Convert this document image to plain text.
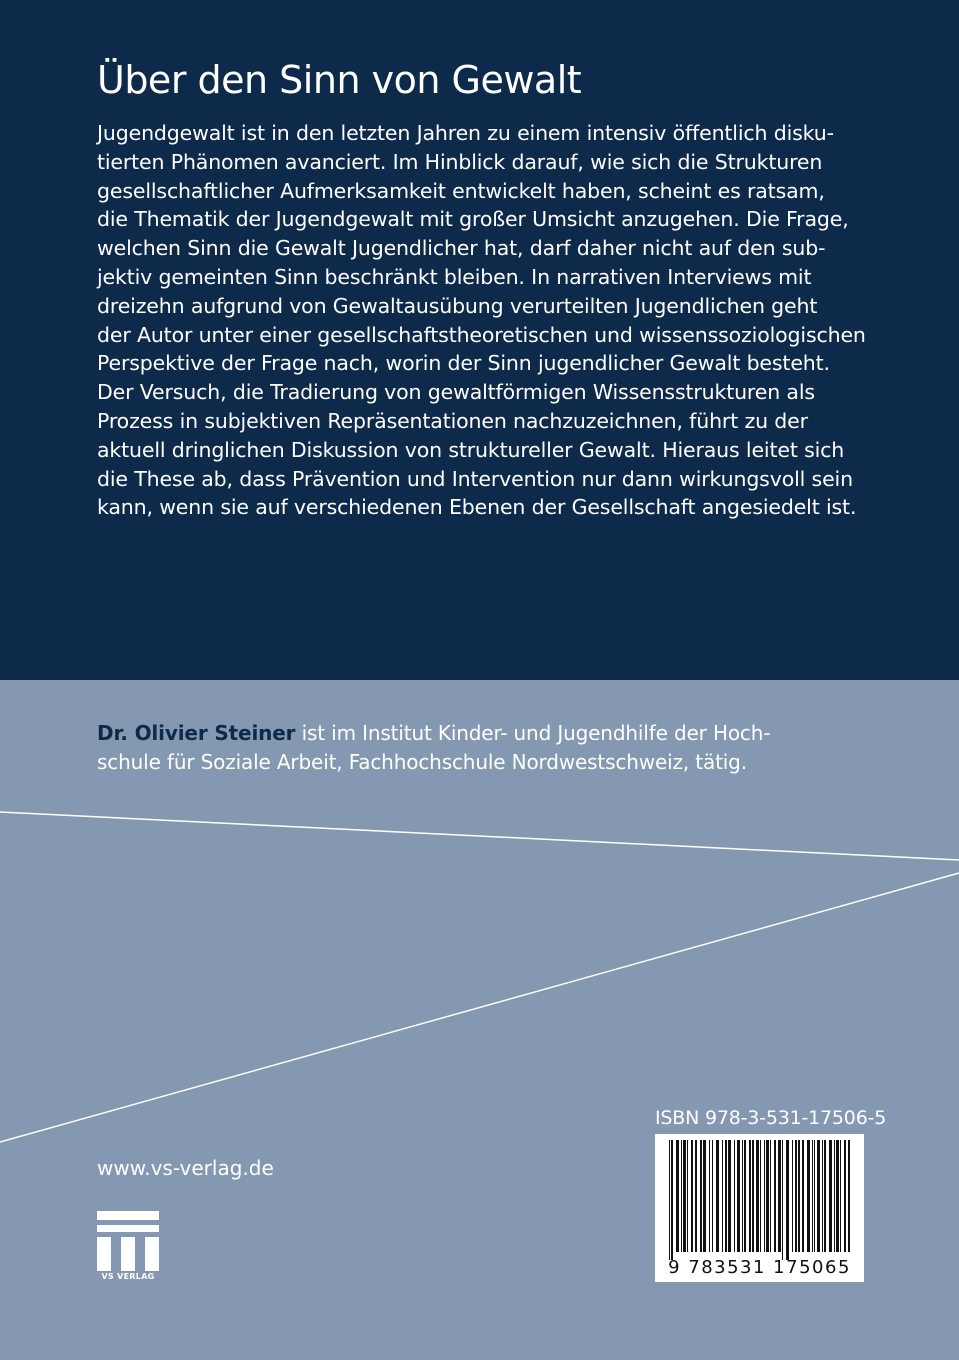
Über den Sinn von Gewalt

Jugendgewalt ist in den letzten Jahren zu einem intensiv öffentlich disku-
tierten Phänomen avanciert. Im Hinblick darauf, wie sich die Strukturen
gesellschaftlicher Aufmerksamkeit entwickelt haben, scheint es ratsam,
die Thematik der Jugendgewalt mit großer Umsicht anzugehen. Die Frage,
welchen Sinn die Gewalt Jugendlicher hat, darf daher nicht auf den sub-
jektiv gemeinten Sinn beschränkt bleiben. In narrativen Interviews mit
dreizehn aufgrund von Gewaltausübung verurteilten Jugendlichen geht
der Autor unter einer gesellschaftstheoretischen und wissenssoziologischen
Perspektive der Frage nach, worin der Sinn jugendlicher Gewalt besteht.
Der Versuch, die Tradierung von gewaltförmigen Wissensstrukturen als
Prozess in subjektiven Repräsentationen nachzuzeichnen, führt zu der
aktuell dringlichen Diskussion von struktureller Gewalt. Hieraus leitet sich
die These ab, dass Prävention und Intervention nur dann wirkungsvoll sein
kann, wenn sie auf verschiedenen Ebenen der Gesellschaft angesiedelt ist.

Dr. Olivier Steiner ist im Institut Kinder- und Jugendhilfe der Hoch-
schule für Soziale Arbeit, Fachhochschule Nordwestschweiz, tätig.

ISBN 978-3-531-17506-5
9 783531 175065
www.vs-verlag.de
VS VERLAG
